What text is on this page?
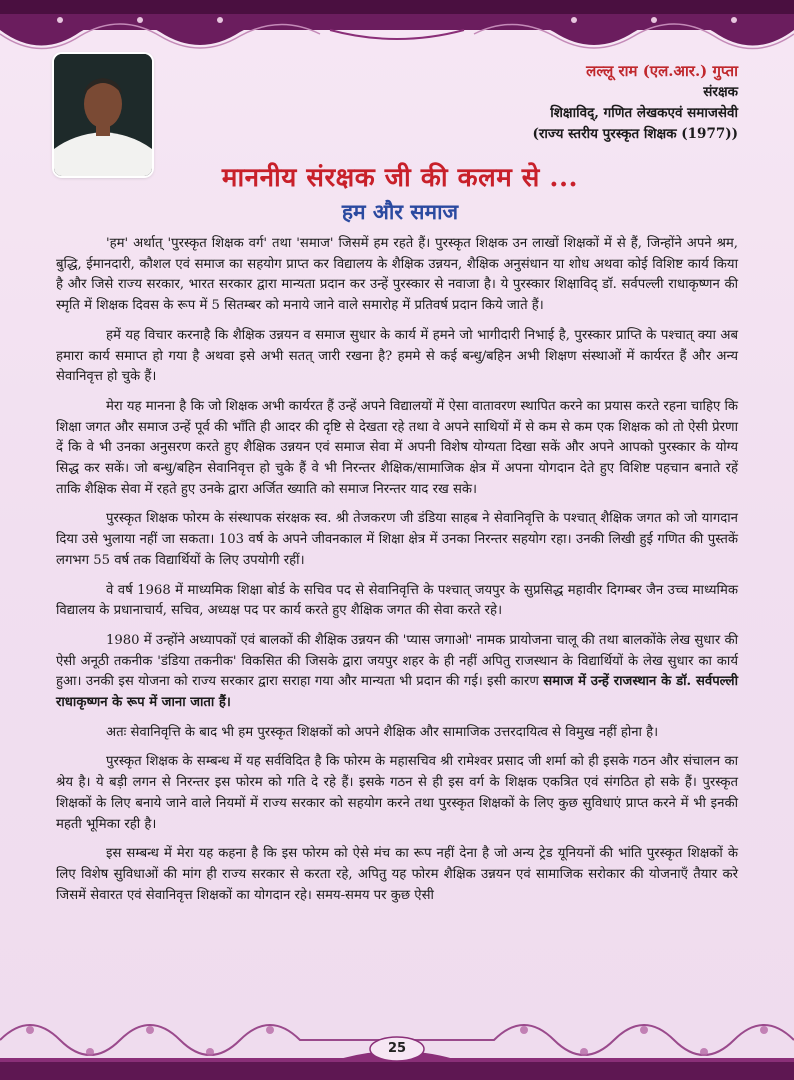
लल्लू राम (एल.आर.) गुप्ता
संरक्षक
शिक्षाविद्, गणित लेखकएवं समाजसेवी
(राज्य स्तरीय पुरस्कृत शिक्षक (1977))
माननीय संरक्षक जी की कलम से ...
हम और समाज

'हम' अर्थात् 'पुरस्कृत शिक्षक वर्ग' तथा 'समाज' जिसमें हम रहते हैं। पुरस्कृत शिक्षक उन लाखों शिक्षकों में से हैं, जिन्होंने अपने श्रम, बुद्धि, ईमानदारी, कौशल एवं समाज का सहयोग प्राप्त कर विद्यालय के शैक्षिक उन्नयन, शैक्षिक अनुसंधान या शोध अथवा कोई विशिष्ट कार्य किया है और जिसे राज्य सरकार, भारत सरकार द्वारा मान्यता प्रदान कर उन्हें पुरस्कार से नवाजा है। ये पुरस्कार शिक्षाविद् डॉ. सर्वपल्ली राधाकृष्णन की स्मृति में शिक्षक दिवस के रूप में 5 सितम्बर को मनाये जाने वाले समारोह में प्रतिवर्ष प्रदान किये जाते हैं।

हमें यह विचार करनाहै कि शैक्षिक उन्नयन व समाज सुधार के कार्य में हमने जो भागीदारी निभाई है, पुरस्कार प्राप्ति के पश्चात् क्या अब हमारा कार्य समाप्त हो गया है अथवा इसे अभी सतत् जारी रखना है? हममे से कई बन्धु/बहिन अभी शिक्षण संस्थाओं में कार्यरत हैं और अन्य सेवानिवृत्त हो चुके हैं।

मेरा यह मानना है कि जो शिक्षक अभी कार्यरत हैं उन्हें अपने विद्यालयों में ऐसा वातावरण स्थापित करने का प्रयास करते रहना चाहिए कि शिक्षा जगत और समाज उन्हें पूर्व की भाँति ही आदर की दृष्टि से देखता रहे तथा वे अपने साथियों में से कम से कम एक शिक्षक को तो ऐसी प्रेरणा दें कि वे भी उनका अनुसरण करते हुए शैक्षिक उन्नयन एवं समाज सेवा में अपनी विशेष योग्यता दिखा सकें और अपने आपको पुरस्कार के योग्य सिद्ध कर सकें। जो बन्धु/बहिन सेवानिवृत्त हो चुके हैं वे भी निरन्तर शैक्षिक/सामाजिक क्षेत्र में अपना योगदान देते हुए विशिष्ट पहचान बनाते रहें ताकि शैक्षिक सेवा में रहते हुए उनके द्वारा अर्जित ख्याति को समाज निरन्तर याद रख सके।

पुरस्कृत शिक्षक फोरम के संस्थापक संरक्षक स्व. श्री तेजकरण जी डंडिया साहब ने सेवानिवृत्ति के पश्चात् शैक्षिक जगत को जो यागदान दिया उसे भुलाया नहीं जा सकता। 103 वर्ष के अपने जीवनकाल में शिक्षा क्षेत्र में उनका निरन्तर सहयोग रहा। उनकी लिखी हुई गणित की पुस्तकें लगभग 55 वर्ष तक विद्यार्थियों के लिए उपयोगी रहीं।

वे वर्ष 1968 में माध्यमिक शिक्षा बोर्ड के सचिव पद से सेवानिवृत्ति के पश्चात् जयपुर के सुप्रसिद्ध महावीर दिगम्बर जैन उच्च माध्यमिक विद्यालय के प्रधानाचार्य, सचिव, अध्यक्ष पद पर कार्य करते हुए शैक्षिक जगत की सेवा करते रहे।

1980 में उन्होंने अध्यापकों एवं बालकों की शैक्षिक उन्नयन की 'प्यास जगाओ' नामक प्रायोजना चालू की तथा बालकोंके लेख सुधार की ऐसी अनूठी तकनीक 'डंडिया तकनीक' विकसित की जिसके द्वारा जयपुर शहर के ही नहीं अपितु राजस्थान के विद्यार्थियों के लेख सुधार का कार्य हुआ। उनकी इस योजना को राज्य सरकार द्वारा सराहा गया और मान्यता भी प्रदान की गई। इसी कारण समाज में उन्हें राजस्थान के डॉ. सर्वपल्ली राधाकृष्णन के रूप में जाना जाता हैं।

अतः सेवानिवृत्ति के बाद भी हम पुरस्कृत शिक्षकों को अपने शैक्षिक और सामाजिक उत्तरदायित्व से विमुख नहीं होना है।

पुरस्कृत शिक्षक के सम्बन्ध में यह सर्वविदित है कि फोरम के महासचिव श्री रामेश्वर प्रसाद जी शर्मा को ही इसके गठन और संचालन का श्रेय है। ये बड़ी लगन से निरन्तर इस फोरम को गति दे रहे हैं। इसके गठन से ही इस वर्ग के शिक्षक एकत्रित एवं संगठित हो सके हैं। पुरस्कृत शिक्षकों के लिए बनाये जाने वाले नियमों में राज्य सरकार को सहयोग करने तथा पुरस्कृत शिक्षकों के लिए कुछ सुविधाएं प्राप्त करने में भी इनकी महती भूमिका रही है।

इस सम्बन्ध में मेरा यह कहना है कि इस फोरम को ऐसे मंच का रूप नहीं देना है जो अन्य ट्रेड यूनियनों की भांति पुरस्कृत शिक्षकों के लिए विशेष सुविधाओं की मांग ही राज्य सरकार से करता रहे, अपितु यह फोरम शैक्षिक उन्नयन एवं सामाजिक सरोकार की योजनाएँ तैयार करे जिसमें सेवारत एवं सेवानिवृत्त शिक्षकों का योगदान रहे। समय-समय पर कुछ ऐसी

25
